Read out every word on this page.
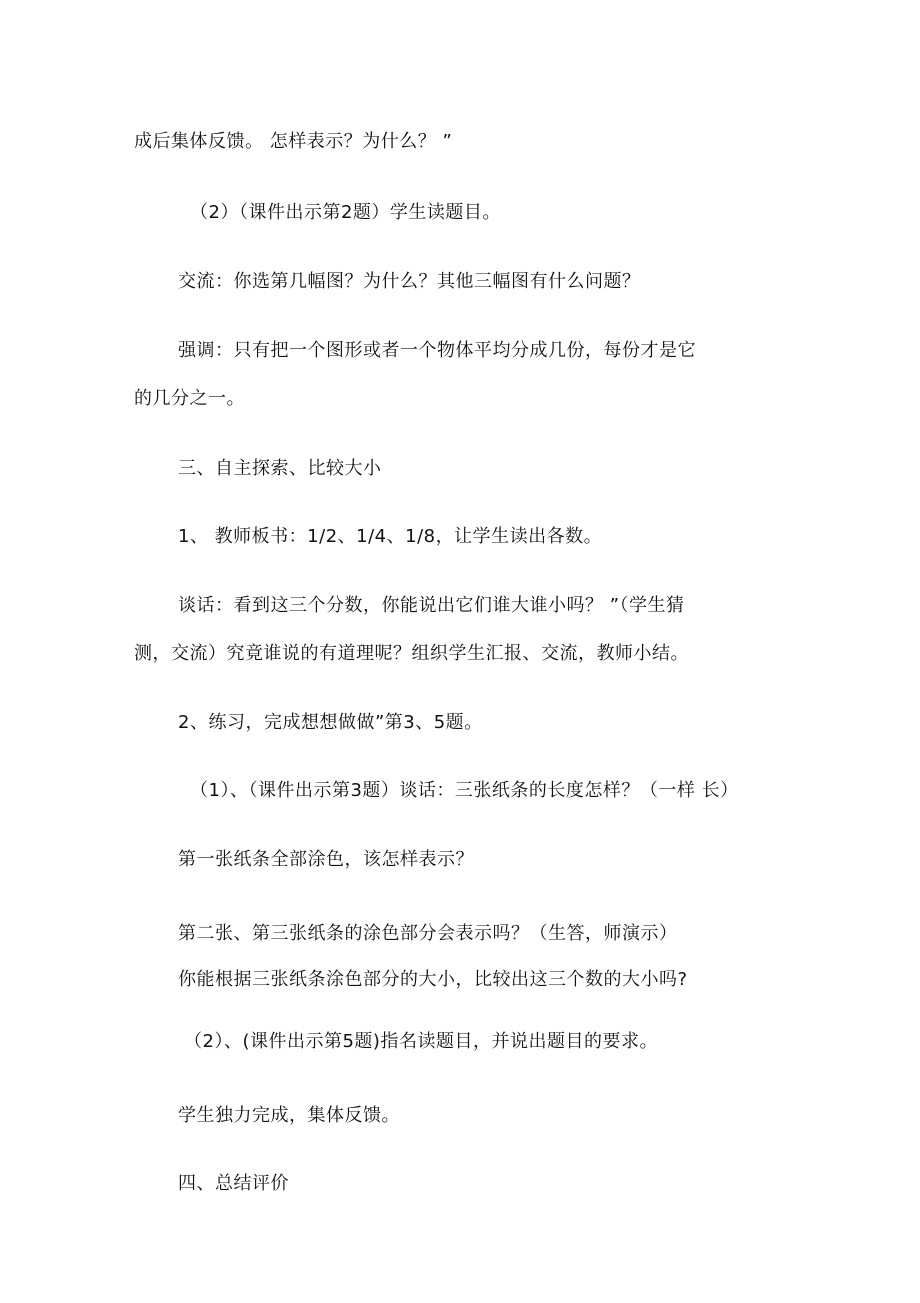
成后集体反馈。 怎样表示？为什么？ ”
（2）（课件出示第2题）学生读题目。
交流：你选第几幅图？为什么？其他三幅图有什么问题？
强调：只有把一个图形或者一个物体平均分成几份，每份才是它
的几分之一。
三、自主探索、比较大小
1、 教师板书：1/2、1/4、1/8，让学生读出各数。
谈话：看到这三个分数，你能说出它们谁大谁小吗？ ”（学生猜
测，交流）究竟谁说的有道理呢？组织学生汇报、交流，教师小结。
2、练习，完成想想做做”第3、5题。
（1）、（课件出示第3题）谈话：三张纸条的长度怎样？（一样 长）
第一张纸条全部涂色，该怎样表示？
第二张、第三张纸条的涂色部分会表示吗？（生答，师演示）
你能根据三张纸条涂色部分的大小，比较出这三个数的大小吗?
（2）、(课件出示第5题)指名读题目，并说出题目的要求。
学生独力完成，集体反馈。
四、总结评价
